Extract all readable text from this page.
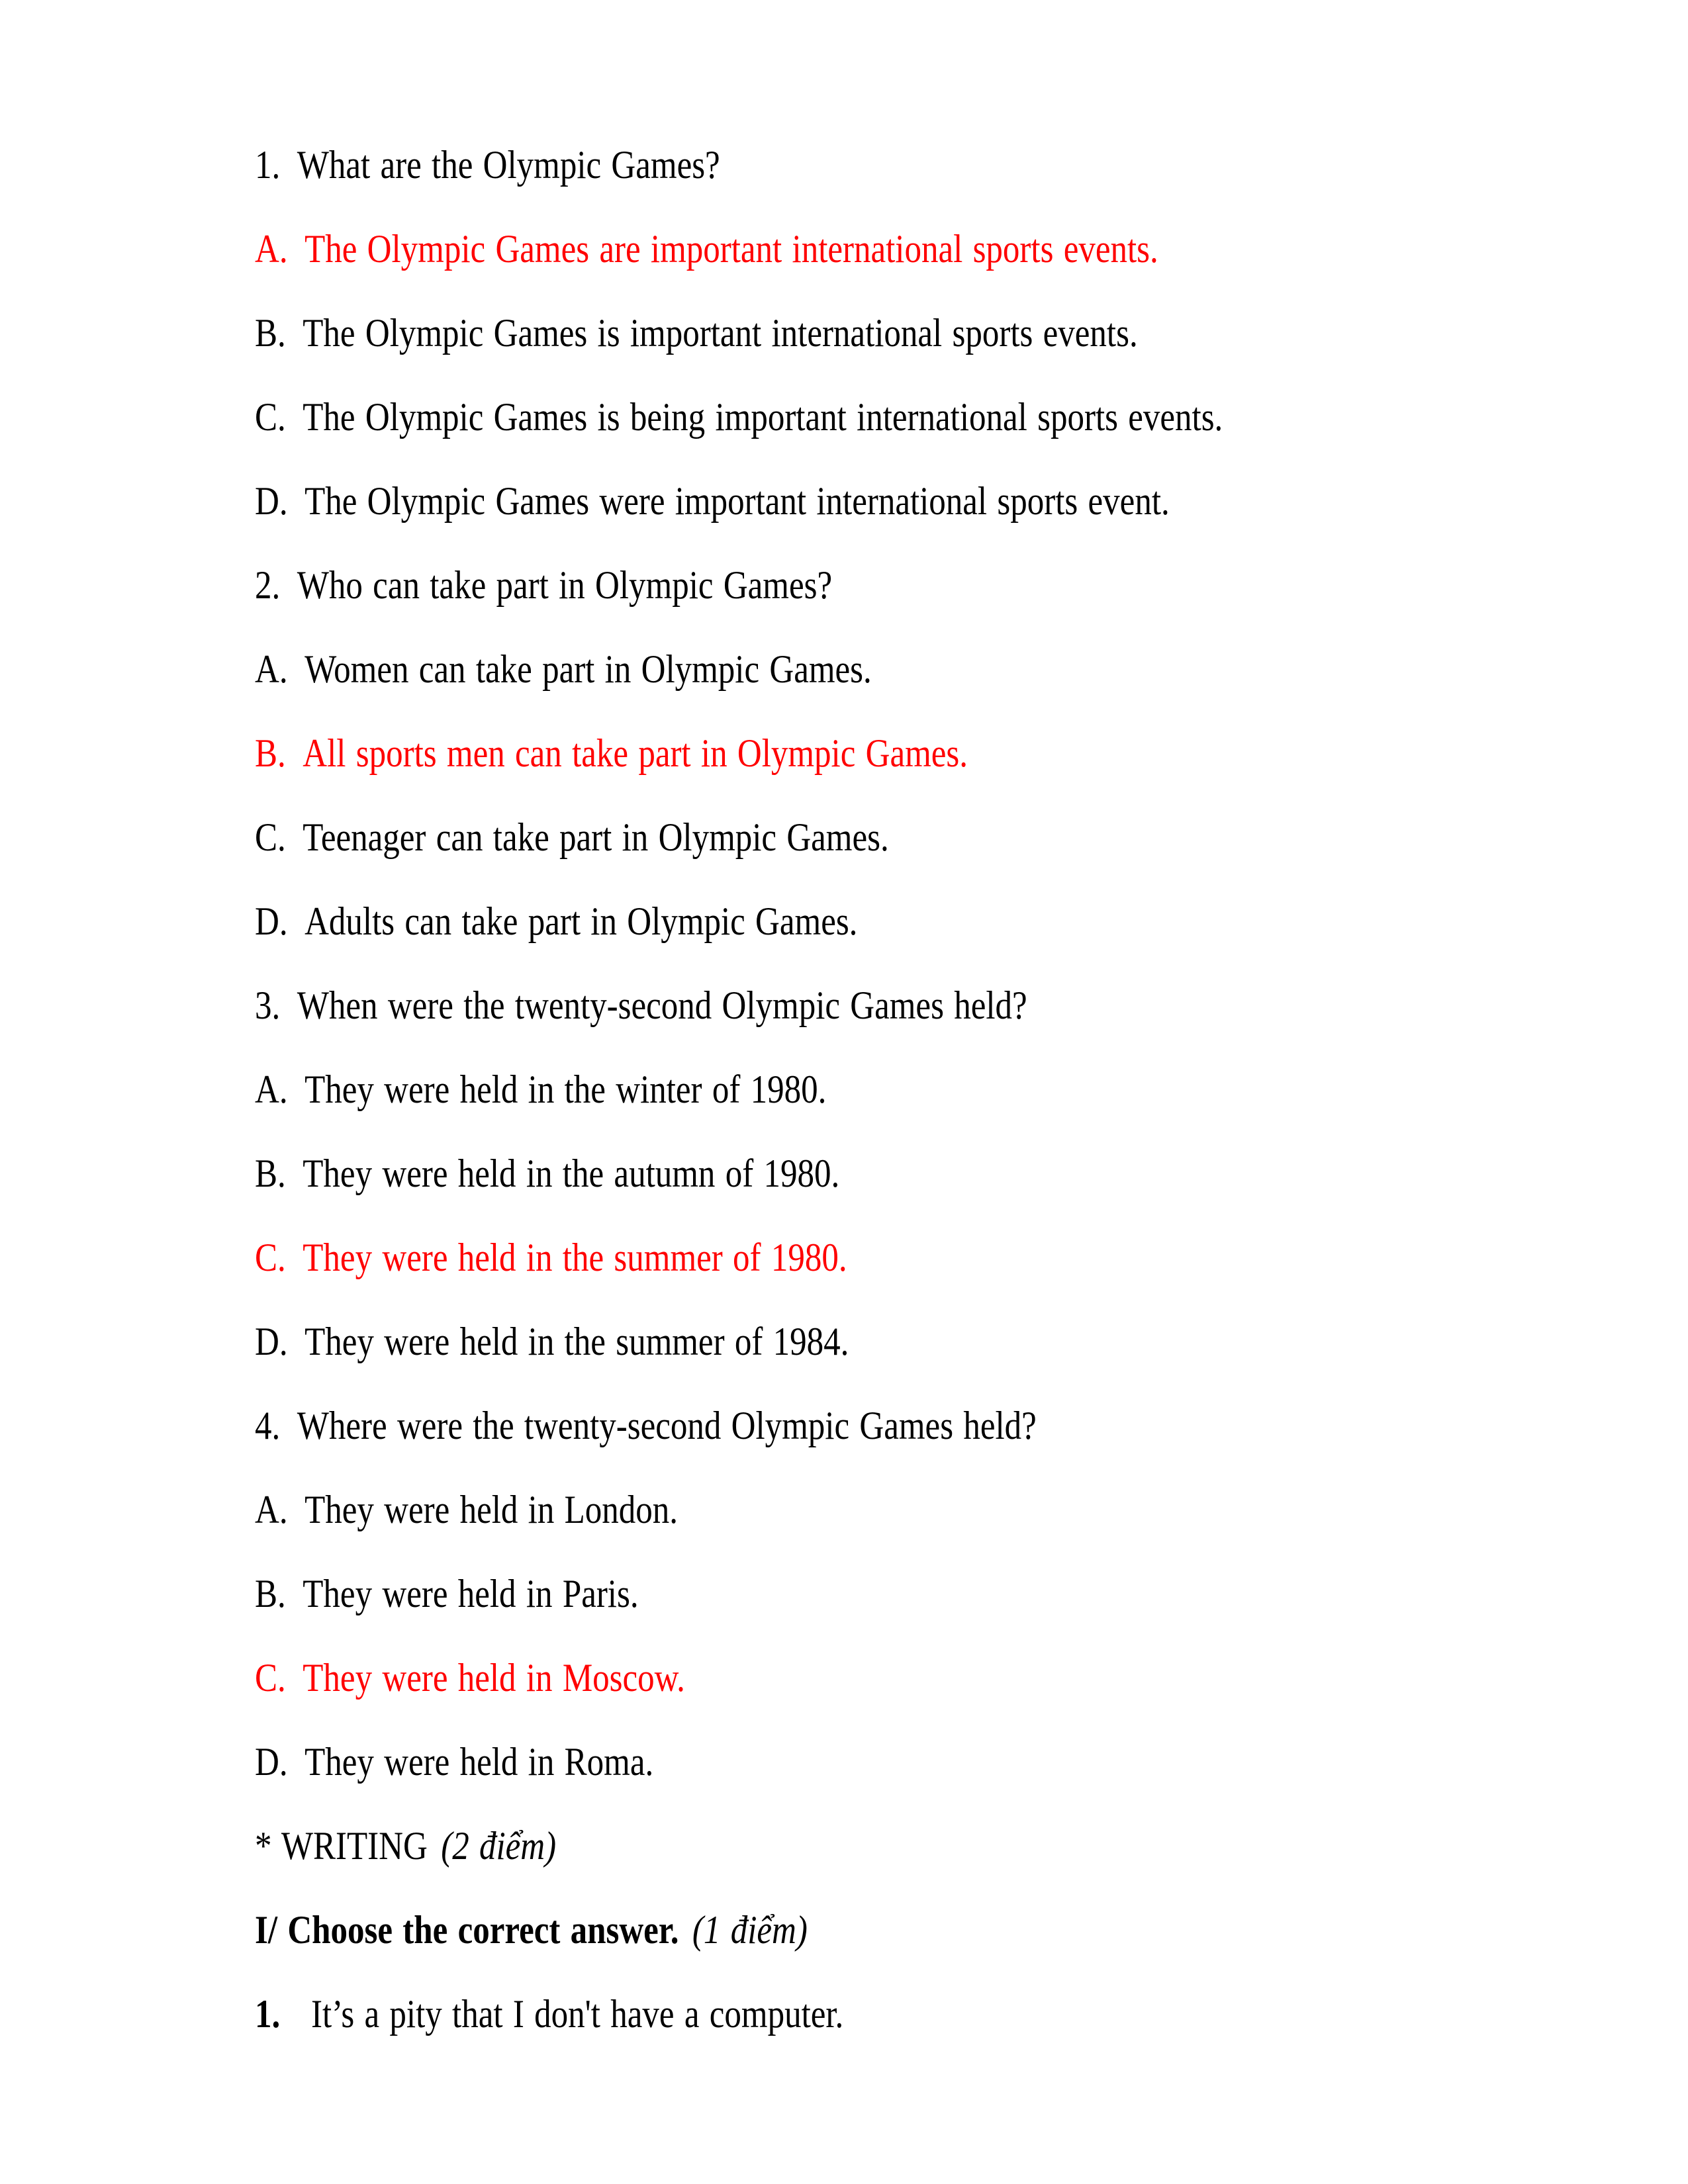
1. What are the Olympic Games?

A. The Olympic Games are important international sports events.

B. The Olympic Games is important international sports events.

C. The Olympic Games is being important international sports events.

D. The Olympic Games were important international sports event.

2. Who can take part in Olympic Games?

A. Women can take part in Olympic Games.

B. All sports men can take part in Olympic Games.

C. Teenager can take part in Olympic Games.

D. Adults can take part in Olympic Games.

3. When were the twenty-second Olympic Games held?

A. They were held in the winter of 1980.

B. They were held in the autumn of 1980.

C. They were held in the summer of 1980.

D. They were held in the summer of 1984.

4. Where were the twenty-second Olympic Games held?

A. They were held in London.

B. They were held in Paris.

C. They were held in Moscow.

D. They were held in Roma.

* WRITING (2 điểm)

I/ Choose the correct answer. (1 điểm)

1. It’s a pity that I don't have a computer.
